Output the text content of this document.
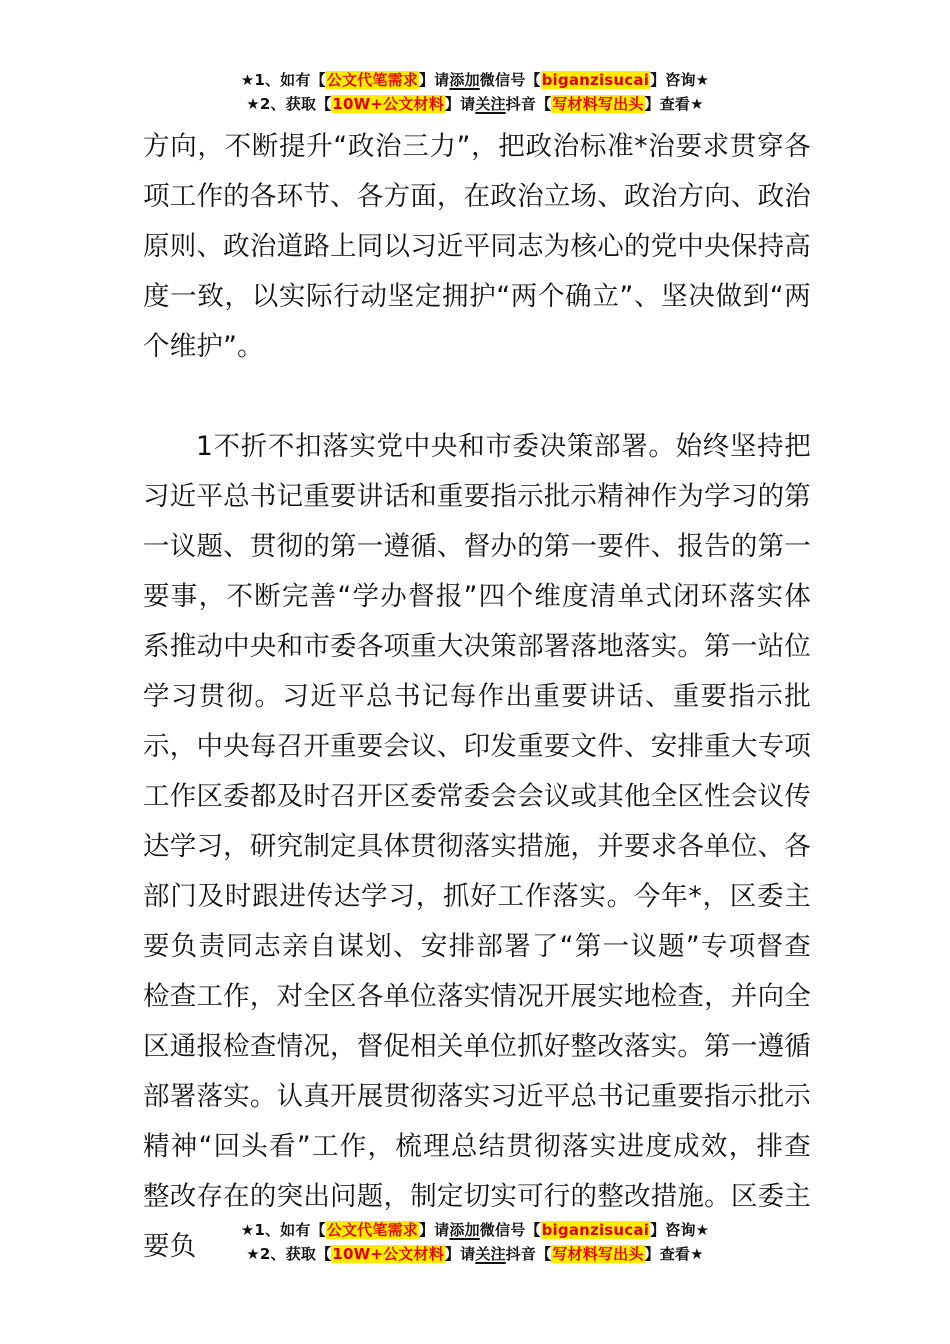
★1、如有【公文代笔需求】请添加微信号【biganzisucai】咨询★
★2、获取【10W+公文材料】请关注抖音【写材料写出头】查看★

方向，不断提升“政治三力”，把政治标准*治要求贯穿各项工作的各环节、各方面，在政治立场、政治方向、政治原则、政治道路上同以习近平同志为核心的党中央保持高度一致，以实际行动坚定拥护“两个确立”、坚决做到“两个维护”。

1不折不扣落实党中央和市委决策部署。始终坚持把习近平总书记重要讲话和重要指示批示精神作为学习的第一议题、贯彻的第一遵循、督办的第一要件、报告的第一要事，不断完善“学办督报”四个维度清单式闭环落实体系推动中央和市委各项重大决策部署落地落实。第一站位学习贯彻。习近平总书记每作出重要讲话、重要指示批示，中央每召开重要会议、印发重要文件、安排重大专项工作区委都及时召开区委常委会会议或其他全区性会议传达学习，研究制定具体贯彻落实措施，并要求各单位、各部门及时跟进传达学习，抓好工作落实。今年*，区委主要负责同志亲自谋划、安排部署了“第一议题”专项督查检查工作，对全区各单位落实情况开展实地检查，并向全区通报检查情况，督促相关单位抓好整改落实。第一遵循部署落实。认真开展贯彻落实习近平总书记重要指示批示精神“回头看”工作，梳理总结贯彻落实进度成效，排查整改存在的突出问题，制定切实可行的整改措施。区委主要负

★1、如有【公文代笔需求】请添加微信号【biganzisucai】咨询★
★2、获取【10W+公文材料】请关注抖音【写材料写出头】查看★
